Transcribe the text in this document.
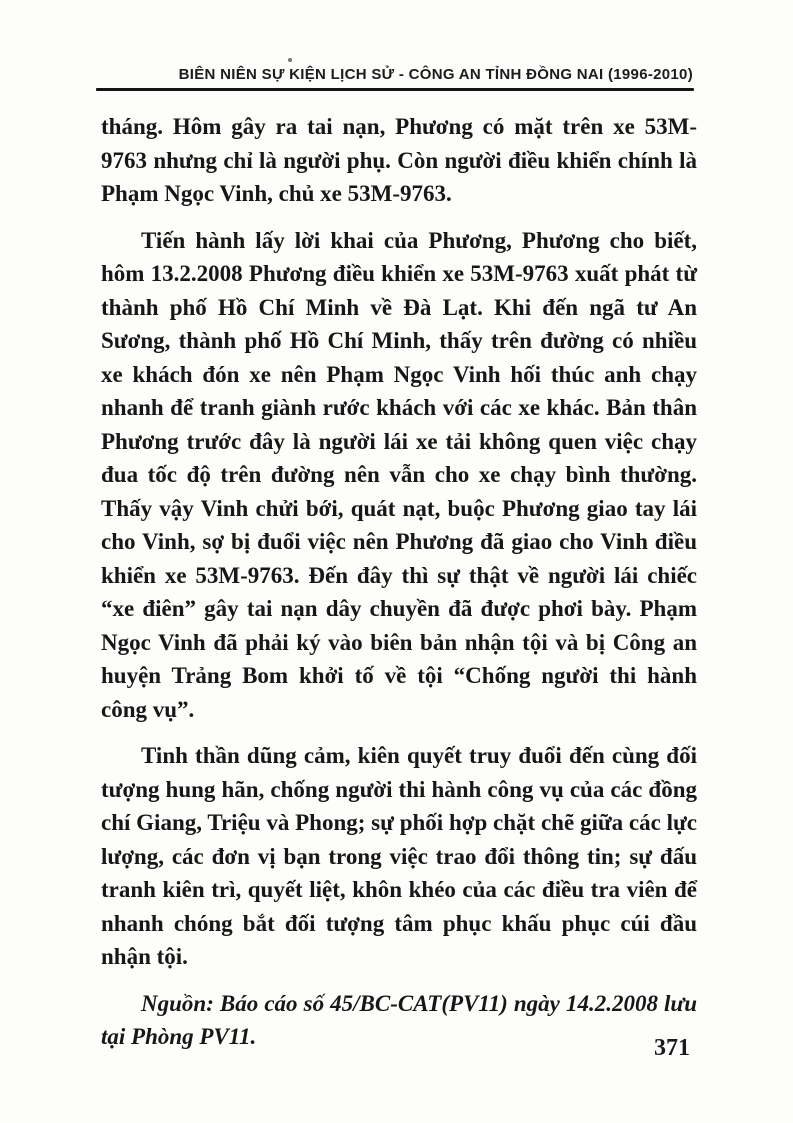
BIÊN NIÊN SỰ KIỆN LỊCH SỬ - CÔNG AN TỈNH ĐỒNG NAI (1996-2010)

tháng. Hôm gây ra tai nạn, Phương có mặt trên xe 53M-9763 nhưng chỉ là người phụ. Còn người điều khiển chính là Phạm Ngọc Vinh, chủ xe 53M-9763.

Tiến hành lấy lời khai của Phương, Phương cho biết, hôm 13.2.2008 Phương điều khiển xe 53M-9763 xuất phát từ thành phố Hồ Chí Minh về Đà Lạt. Khi đến ngã tư An Sương, thành phố Hồ Chí Minh, thấy trên đường có nhiều xe khách đón xe nên Phạm Ngọc Vinh hối thúc anh chạy nhanh để tranh giành rước khách với các xe khác. Bản thân Phương trước đây là người lái xe tải không quen việc chạy đua tốc độ trên đường nên vẫn cho xe chạy bình thường. Thấy vậy Vinh chửi bới, quát nạt, buộc Phương giao tay lái cho Vinh, sợ bị đuổi việc nên Phương đã giao cho Vinh điều khiển xe 53M-9763. Đến đây thì sự thật về người lái chiếc “xe điên” gây tai nạn dây chuyền đã được phơi bày. Phạm Ngọc Vinh đã phải ký vào biên bản nhận tội và bị Công an huyện Trảng Bom khởi tố về tội “Chống người thi hành công vụ”.

Tinh thần dũng cảm, kiên quyết truy đuổi đến cùng đối tượng hung hãn, chống người thi hành công vụ của các đồng chí Giang, Triệu và Phong; sự phối hợp chặt chẽ giữa các lực lượng, các đơn vị bạn trong việc trao đổi thông tin; sự đấu tranh kiên trì, quyết liệt, khôn khéo của các điều tra viên để nhanh chóng bắt đối tượng tâm phục khấu phục cúi đầu nhận tội.

Nguồn: Báo cáo số 45/BC-CAT(PV11) ngày 14.2.2008 lưu tại Phòng PV11.	371
